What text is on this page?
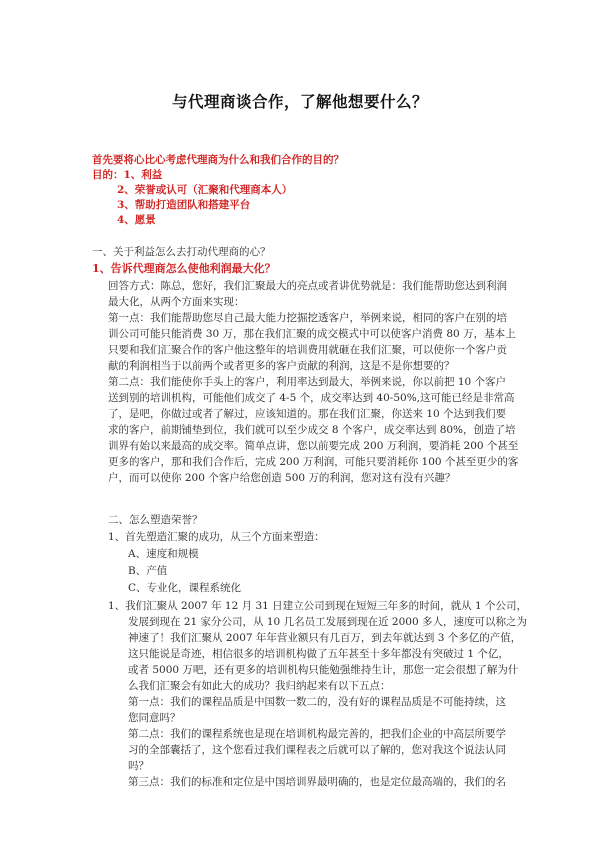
与代理商谈合作，了解他想要什么？
首先要将心比心考虑代理商为什么和我们合作的目的？
目的：1、利益
2、荣誉或认可（汇聚和代理商本人）
3、帮助打造团队和搭建平台
4、愿景
一、关于利益怎么去打动代理商的心？
1、告诉代理商怎么使他利润最大化？
回答方式：陈总，您好，我们汇聚最大的亮点或者讲优势就是：我们能帮助您达到利润
最大化，从两个方面来实现：
第一点：我们能帮助您尽自己最大能力挖掘挖透客户，举例来说，相同的客户在别的培
训公司可能只能消费 30 万，那在我们汇聚的成交模式中可以使客户消费 80 万，基本上
只要和我们汇聚合作的客户他这整年的培训费用就砸在我们汇聚，可以使你一个客户贡
献的利润相当于以前两个或者更多的客户贡献的利润，这是不是你想要的？
第二点：我们能使你手头上的客户，利用率达到最大，举例来说，你以前把 10 个客户
送到别的培训机构，可能他们成交了 4-5 个，成交率达到 40-50%,这可能已经是非常高
了，是吧，你做过或者了解过，应该知道的。那在我们汇聚，你送来 10 个达到我们要
求的客户，前期铺垫到位，我们就可以至少成交 8 个客户，成交率达到 80%，创造了培
训界有始以来最高的成交率。简单点讲，您以前要完成 200 万利润，要消耗 200 个甚至
更多的客户，那和我们合作后，完成 200 万利润，可能只要消耗你 100 个甚至更少的客
户，而可以使你 200 个客户给您创造 500 万的利润，您对这有没有兴趣？
二、怎么塑造荣誉？
1、首先塑造汇聚的成功，从三个方面来塑造：
A、速度和规模
B、产值
C、专业化，课程系统化
1、我们汇聚从 2007 年 12 月 31 日建立公司到现在短短三年多的时间，就从 1 个公司，
发展到现在 21 家分公司，从 10 几名员工发展到现在近 2000 多人，速度可以称之为
神速了！我们汇聚从 2007 年年营业额只有几百万，到去年就达到 3 个多亿的产值，
这只能说是奇迹，相信很多的培训机构做了五年甚至十多年都没有突破过 1 个亿，
或者 5000 万吧，还有更多的培训机构只能勉强维持生计，那您一定会很想了解为什
么我们汇聚会有如此大的成功？我归纳起来有以下五点：
第一点：我们的课程品质是中国数一数二的，没有好的课程品质是不可能持续，这
您同意吗？
第二点：我们的课程系统也是现在培训机构最完善的，把我们企业的中高层所要学
习的全部囊括了，这个您看过我们课程表之后就可以了解的，您对我这个说法认同
吗？
第三点：我们的标准和定位是中国培训界最明确的，也是定位最高端的，我们的名
